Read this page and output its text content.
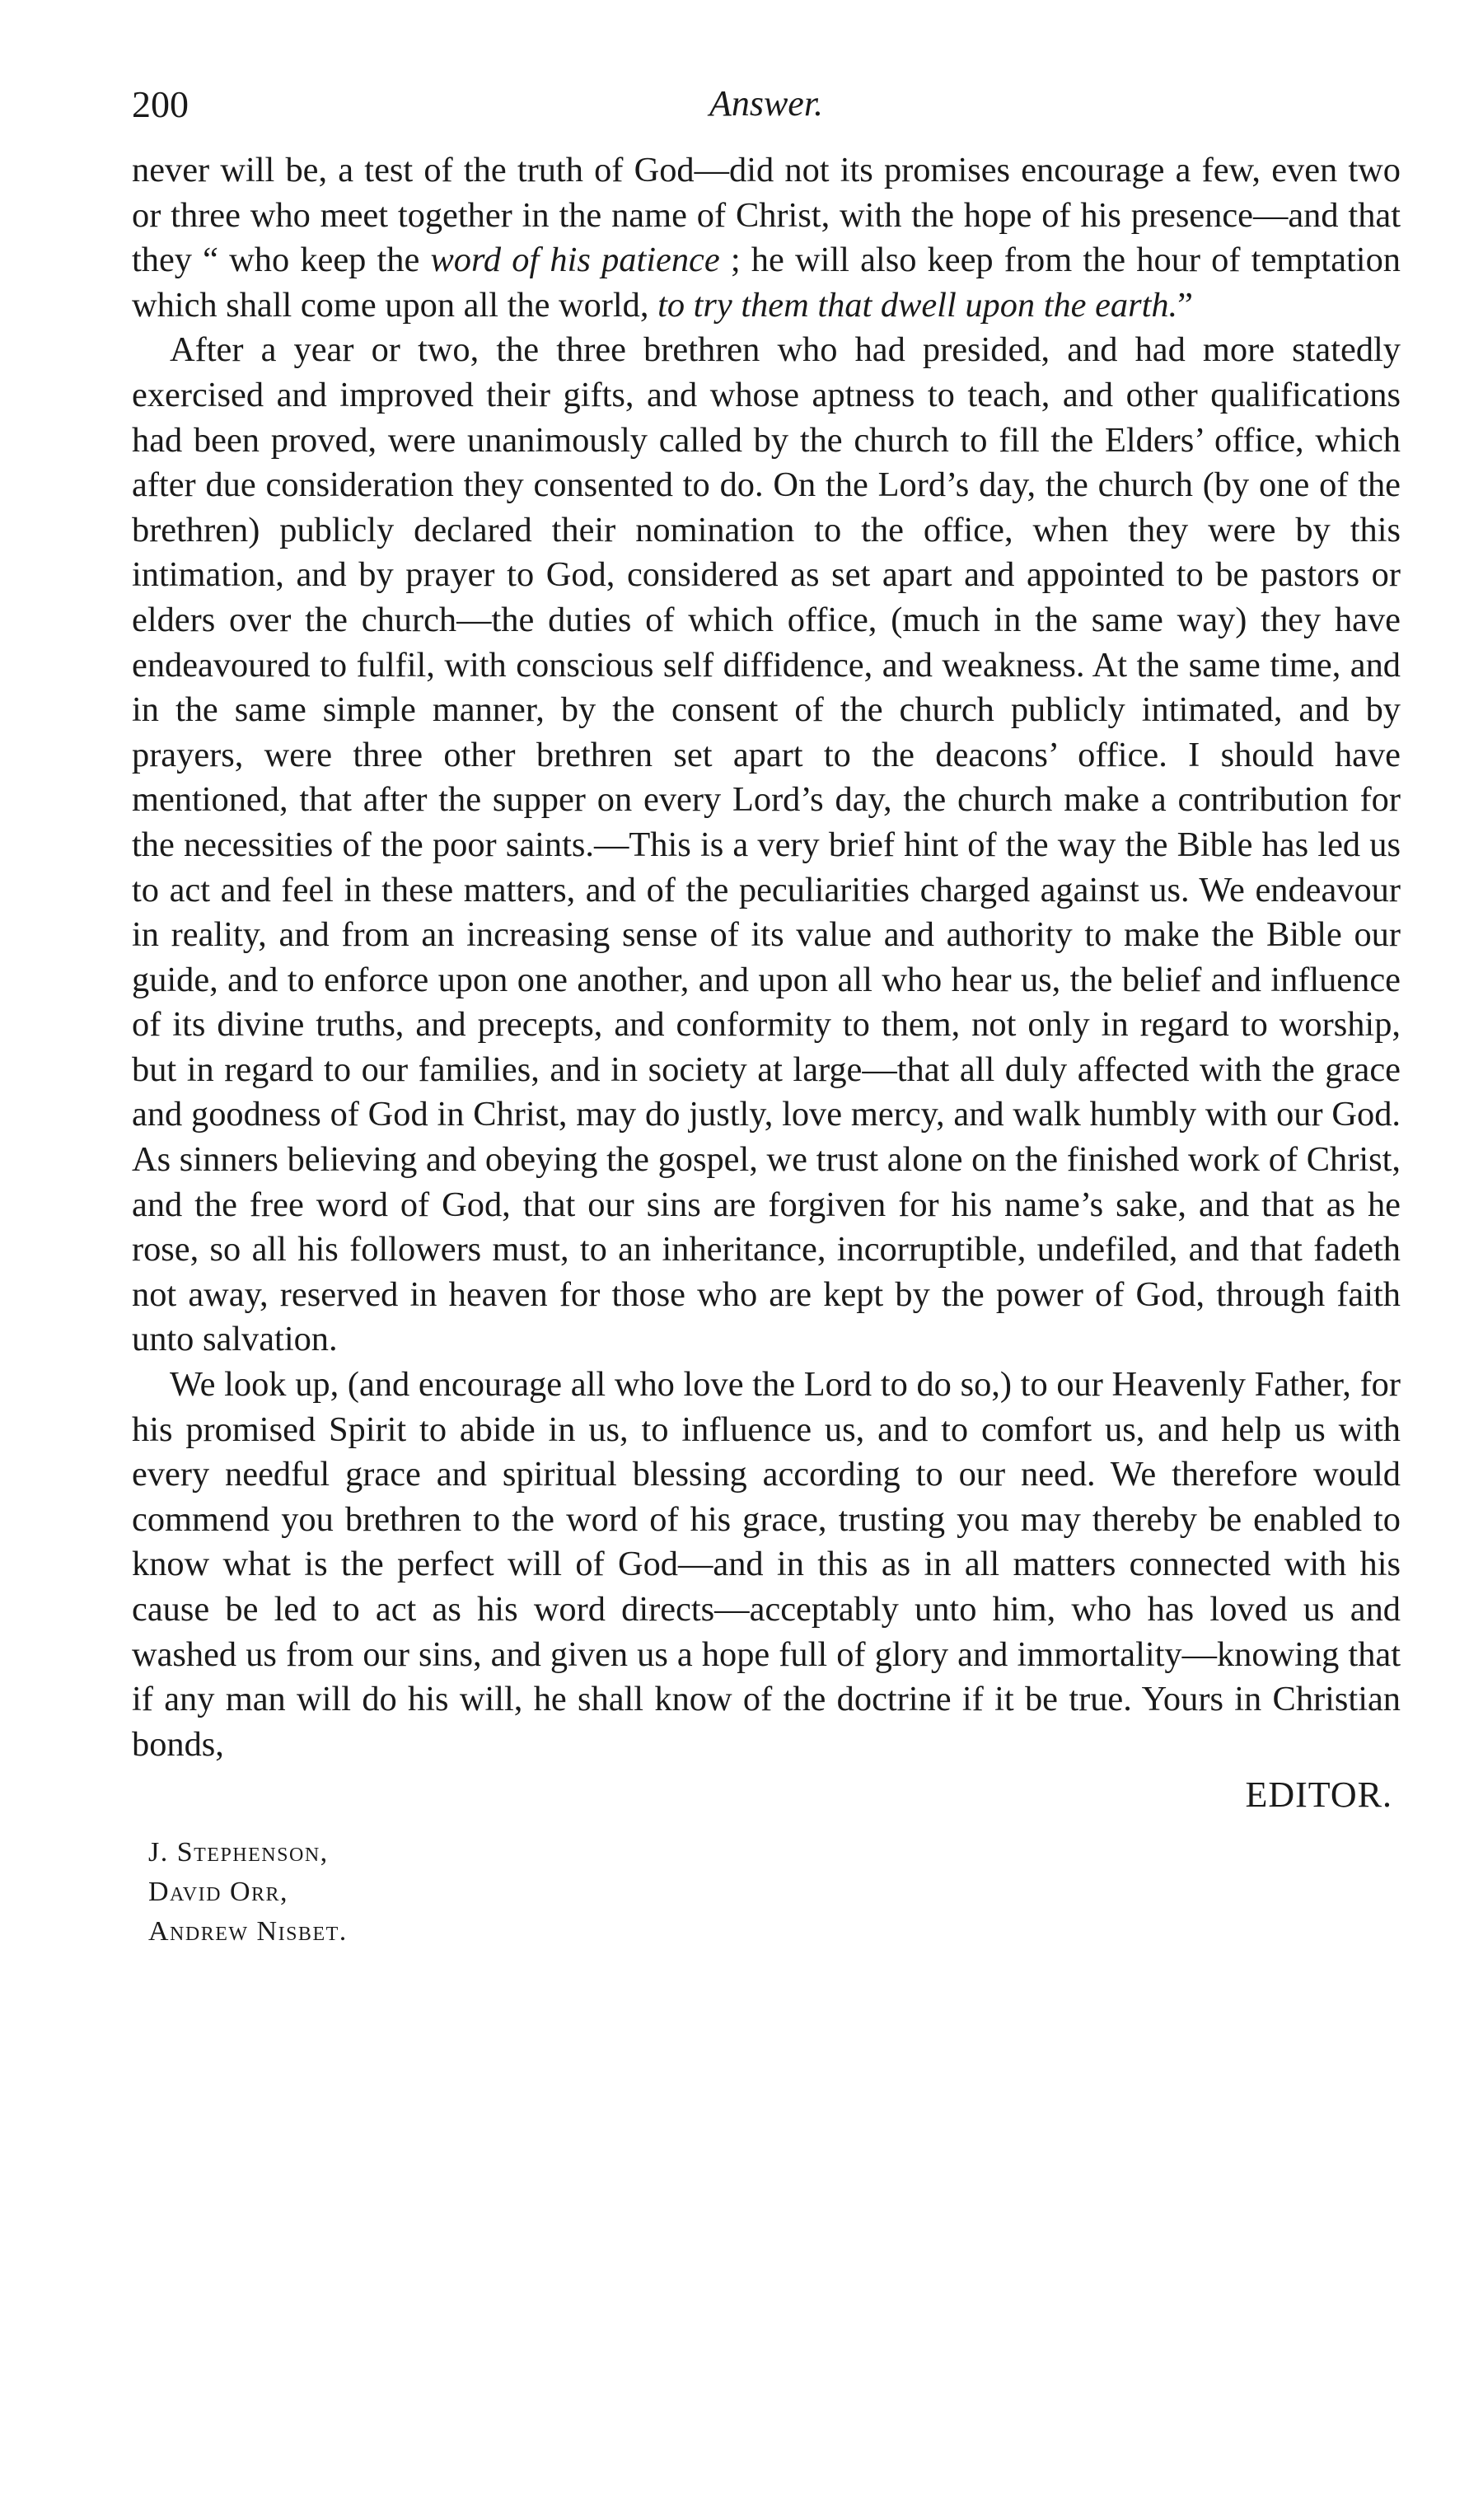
200	Answer.

never will be, a test of the truth of God—did not its promises encourage a few, even two or three who meet together in the name of Christ, with the hope of his presence—and that they “ who keep the word of his patience ; he will also keep from the hour of temptation which shall come upon all the world, to try them that dwell upon the earth.”

After a year or two, the three brethren who had presided, and had more statedly exercised and improved their gifts, and whose aptness to teach, and other qualifications had been proved, were unanimously called by the church to fill the Elders’ office, which after due consideration they consented to do. On the Lord’s day, the church (by one of the brethren) publicly declared their nomination to the office, when they were by this intimation, and by prayer to God, considered as set apart and appointed to be pastors or elders over the church—the duties of which office, (much in the same way) they have endeavoured to fulfil, with conscious self diffidence, and weakness. At the same time, and in the same simple manner, by the consent of the church publicly intimated, and by prayers, were three other brethren set apart to the deacons’ office. I should have mentioned, that after the supper on every Lord’s day, the church make a contribution for the necessities of the poor saints.—This is a very brief hint of the way the Bible has led us to act and feel in these matters, and of the peculiarities charged against us. We endeavour in reality, and from an increasing sense of its value and authority to make the Bible our guide, and to enforce upon one another, and upon all who hear us, the belief and influence of its divine truths, and precepts, and conformity to them, not only in regard to worship, but in regard to our families, and in society at large—that all duly affected with the grace and goodness of God in Christ, may do justly, love mercy, and walk humbly with our God. As sinners believing and obeying the gospel, we trust alone on the finished work of Christ, and the free word of God, that our sins are forgiven for his name’s sake, and that as he rose, so all his followers must, to an inheritance, incorruptible, undefiled, and that fadeth not away, reserved in heaven for those who are kept by the power of God, through faith unto salvation.

We look up, (and encourage all who love the Lord to do so,) to our Heavenly Father, for his promised Spirit to abide in us, to influence us, and to comfort us, and help us with every needful grace and spiritual blessing according to our need. We therefore would commend you brethren to the word of his grace, trusting you may thereby be enabled to know what is the perfect will of God—and in this as in all matters connected with his cause be led to act as his word directs—acceptably unto him, who has loved us and washed us from our sins, and given us a hope full of glory and immortality—knowing that if any man will do his will, he shall know of the doctrine if it be true. Yours in Christian bonds,

EDITOR.
J. Stephenson,
David Orr,
Andrew Nisbet.
